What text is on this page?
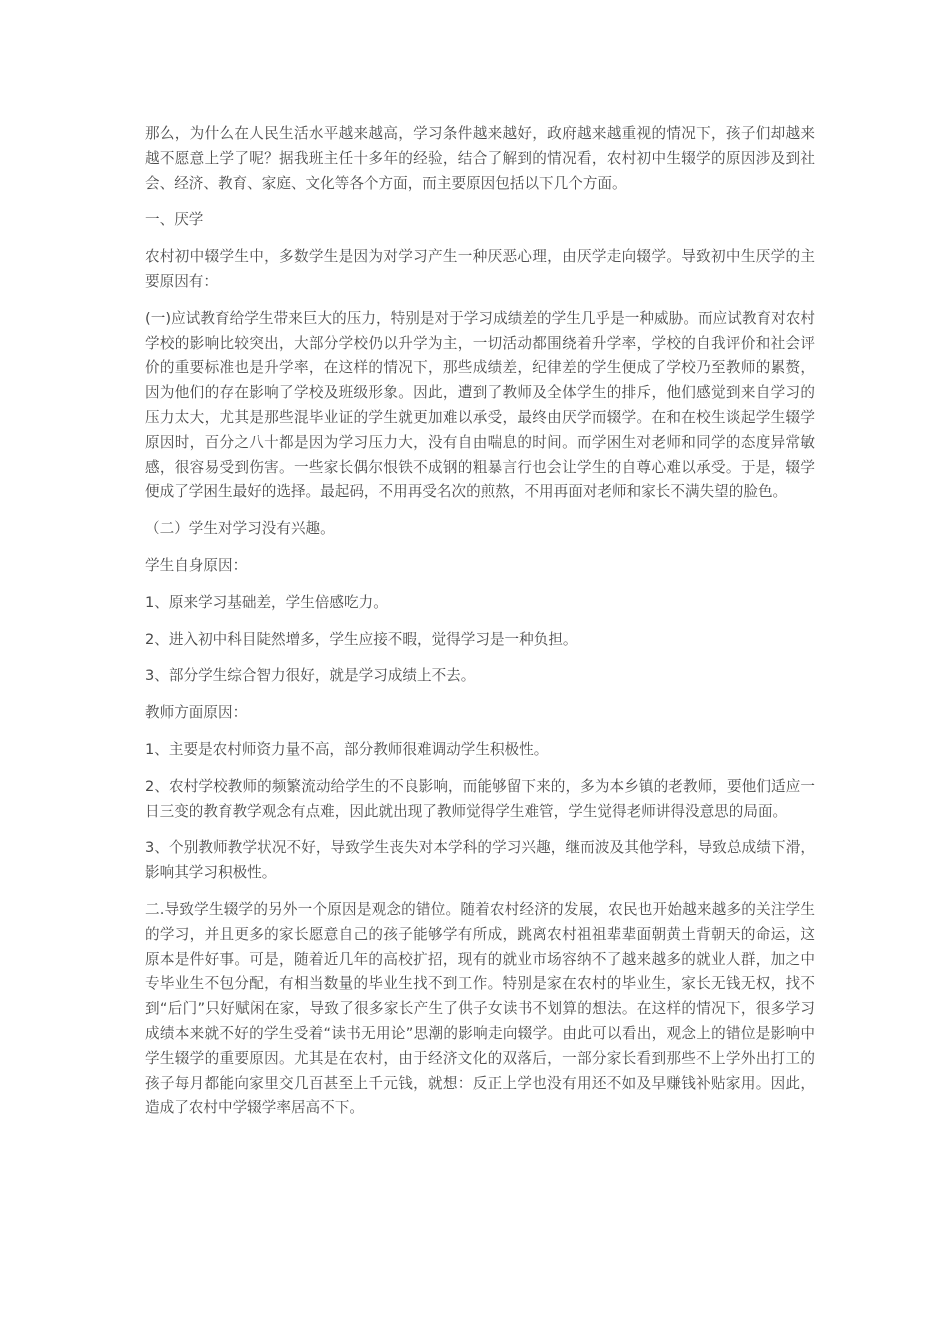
那么，为什么在人民生活水平越来越高，学习条件越来越好，政府越来越重视的情况下，孩子们却越来越不愿意上学了呢？据我班主任十多年的经验，结合了解到的情况看，农村初中生辍学的原因涉及到社会、经济、教育、家庭、文化等各个方面，而主要原因包括以下几个方面。

一、厌学

农村初中辍学生中，多数学生是因为对学习产生一种厌恶心理，由厌学走向辍学。导致初中生厌学的主要原因有：

(一)应试教育给学生带来巨大的压力，特别是对于学习成绩差的学生几乎是一种威胁。而应试教育对农村学校的影响比较突出，大部分学校仍以升学为主，一切活动都围绕着升学率，学校的自我评价和社会评价的重要标准也是升学率，在这样的情况下，那些成绩差，纪律差的学生便成了学校乃至教师的累赘，因为他们的存在影响了学校及班级形象。因此，遭到了教师及全体学生的排斥，他们感觉到来自学习的压力太大，尤其是那些混毕业证的学生就更加难以承受，最终由厌学而辍学。在和在校生谈起学生辍学原因时，百分之八十都是因为学习压力大，没有自由喘息的时间。而学困生对老师和同学的态度异常敏感，很容易受到伤害。一些家长偶尔恨铁不成钢的粗暴言行也会让学生的自尊心难以承受。于是，辍学便成了学困生最好的选择。最起码，不用再受名次的煎熬，不用再面对老师和家长不满失望的脸色。

（二）学生对学习没有兴趣。

学生自身原因：

1、原来学习基础差，学生倍感吃力。

2、进入初中科目陡然增多，学生应接不暇，觉得学习是一种负担。

3、部分学生综合智力很好，就是学习成绩上不去。

教师方面原因：

1、主要是农村师资力量不高，部分教师很难调动学生积极性。

2、农村学校教师的频繁流动给学生的不良影响，而能够留下来的，多为本乡镇的老教师，要他们适应一日三变的教育教学观念有点难，因此就出现了教师觉得学生难管，学生觉得老师讲得没意思的局面。

3、个别教师教学状况不好，导致学生丧失对本学科的学习兴趣，继而波及其他学科，导致总成绩下滑，影响其学习积极性。

二.导致学生辍学的另外一个原因是观念的错位。随着农村经济的发展，农民也开始越来越多的关注学生的学习，并且更多的家长愿意自己的孩子能够学有所成，跳离农村祖祖辈辈面朝黄土背朝天的命运，这原本是件好事。可是，随着近几年的高校扩招，现有的就业市场容纳不了越来越多的就业人群，加之中专毕业生不包分配，有相当数量的毕业生找不到工作。特别是家在农村的毕业生，家长无钱无权，找不到“后门”只好赋闲在家，导致了很多家长产生了供子女读书不划算的想法。在这样的情况下，很多学习成绩本来就不好的学生受着“读书无用论”思潮的影响走向辍学。由此可以看出，观念上的错位是影响中学生辍学的重要原因。尤其是在农村，由于经济文化的双落后，一部分家长看到那些不上学外出打工的孩子每月都能向家里交几百甚至上千元钱，就想：反正上学也没有用还不如及早赚钱补贴家用。因此，造成了农村中学辍学率居高不下。
